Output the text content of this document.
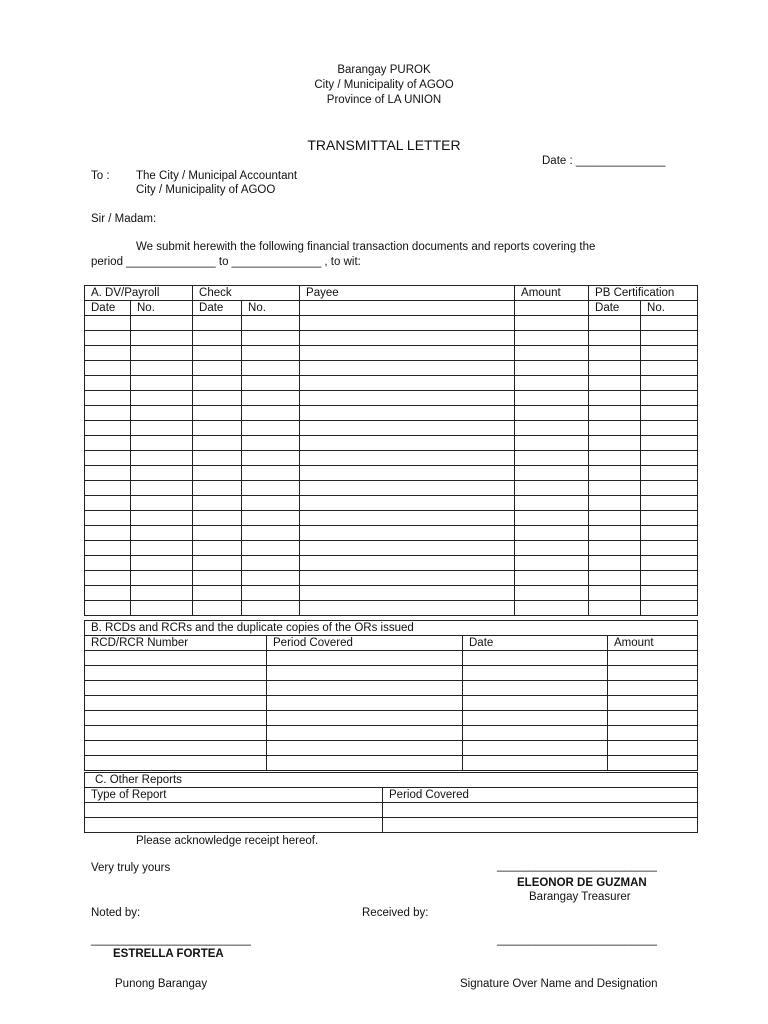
Barangay PUROK
City / Municipality of AGOO
Province of LA UNION
TRANSMITTAL LETTER
Date : ______________
To : The City / Municipal Accountant
City / Municipality of AGOO
Sir / Madam:
We submit herewith the following financial transaction documents and reports covering the
period ______________ to ______________ , to wit:
A. DV/Payroll		Check		Payee	Amount	PB Certification	
Date	No.	Date	No.			Date	No.

B. RCDs and RCRs and the duplicate copies of the ORs issued			
RCD/RCR Number	Period Covered	Date	Amount

C. Other Reports	
Type of Report	Period Covered

Please acknowledge receipt hereof.
Very truly yours	_________________________
ELEONOR DE GUZMAN
Barangay Treasurer
Noted by:	Received by:
_________________________	_________________________
ESTRELLA FORTEA
Punong Barangay	Signature Over Name and Designation
